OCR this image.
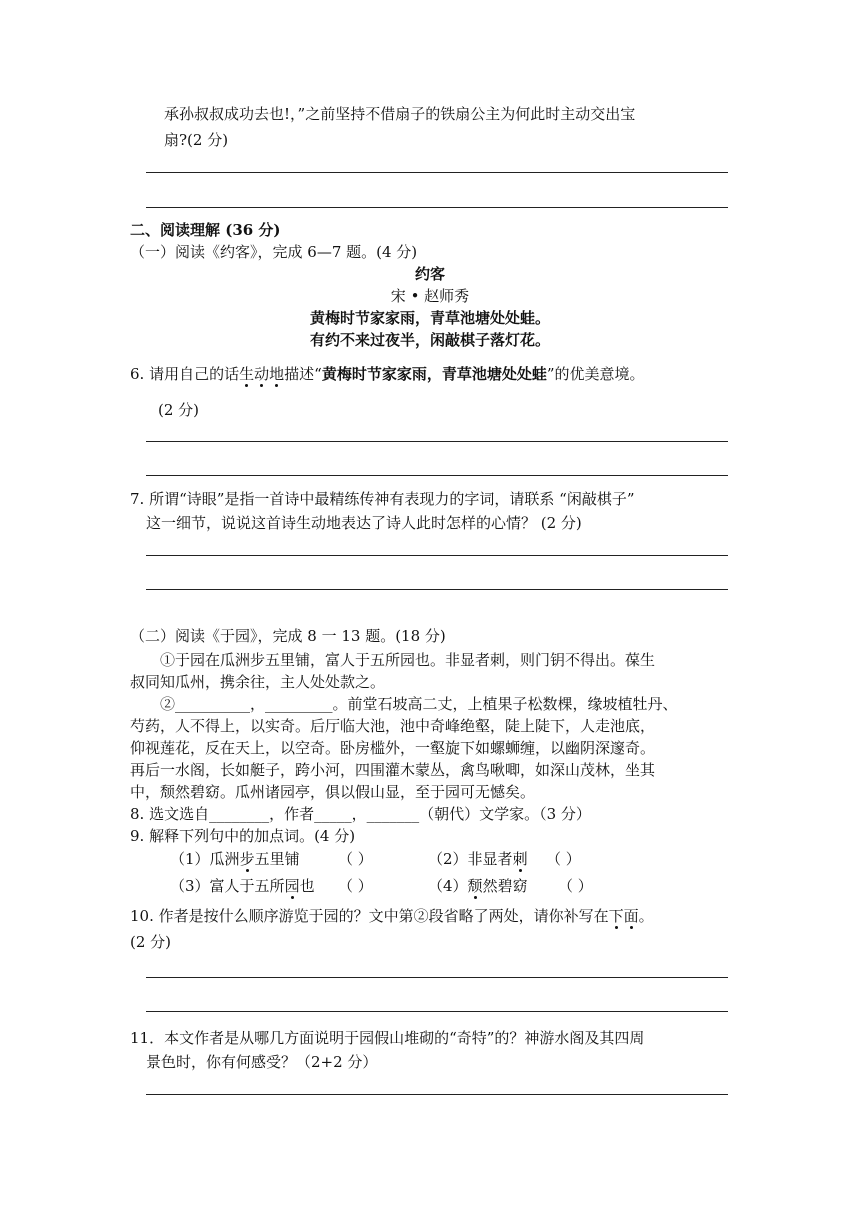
承孙叔叔成功去也!，”之前坚持不借扇子的铁扇公主为何此时主动交出宝
扇?(2 分)
二、阅读理解 (36 分)
（一）阅读《约客》，完成 6—7 题。(4 分)
约客
宋 • 赵师秀
黄梅时节家家雨，青草池塘处处蛙。
有约不来过夜半，闲敲棋子落灯花。
6. 请用自己的话生动地描述“黄梅时节家家雨，青草池塘处处蛙”的优美意境。
(2 分)
7. 所谓“诗眼”是指一首诗中最精练传神有表现力的字词，请联系 “闲敲棋子”
这一细节，说说这首诗生动地表达了诗人此时怎样的心情？ (2 分)
（二）阅读《于园》，完成 8 一 13 题。(18 分)
①于园在瓜洲步五里铺，富人于五所园也。非显者刺，则门钥不得出。葆生
叔同知瓜州，携余往，主人处处款之。
②__________，_________。前堂石坡高二丈，上植果子松数棵，缘坡植牡丹、
芍药，人不得上，以实奇。后厅临大池，池中奇峰绝壑，陡上陡下，人走池底，
仰视莲花，反在天上，以空奇。卧房槛外，一壑旋下如螺蛳缠，以幽阴深邃奇。
再后一水阁，长如艇子，跨小河，四围灌木蒙丛，禽鸟啾唧，如深山茂林，坐其
中，颓然碧窈。瓜州诸园亭，俱以假山显，至于园可无憾矣。
8. 选文选自________，作者_____，_______（朝代）文学家。（3 分）
9. 解释下列句中的加点词。(4 分)
（1）瓜洲步五里铺	（ ）	（2）非显者刺 （ ）
（3）富人于五所园也 （ ）	（4）颓然碧窈 （ ）
10. 作者是按什么顺序游览于园的？文中第②段省略了两处，请你补写在下面。
(2 分)
11．本文作者是从哪几方面说明于园假山堆砌的“奇特”的？神游水阁及其四周
景色时，你有何感受？（2+2 分）
